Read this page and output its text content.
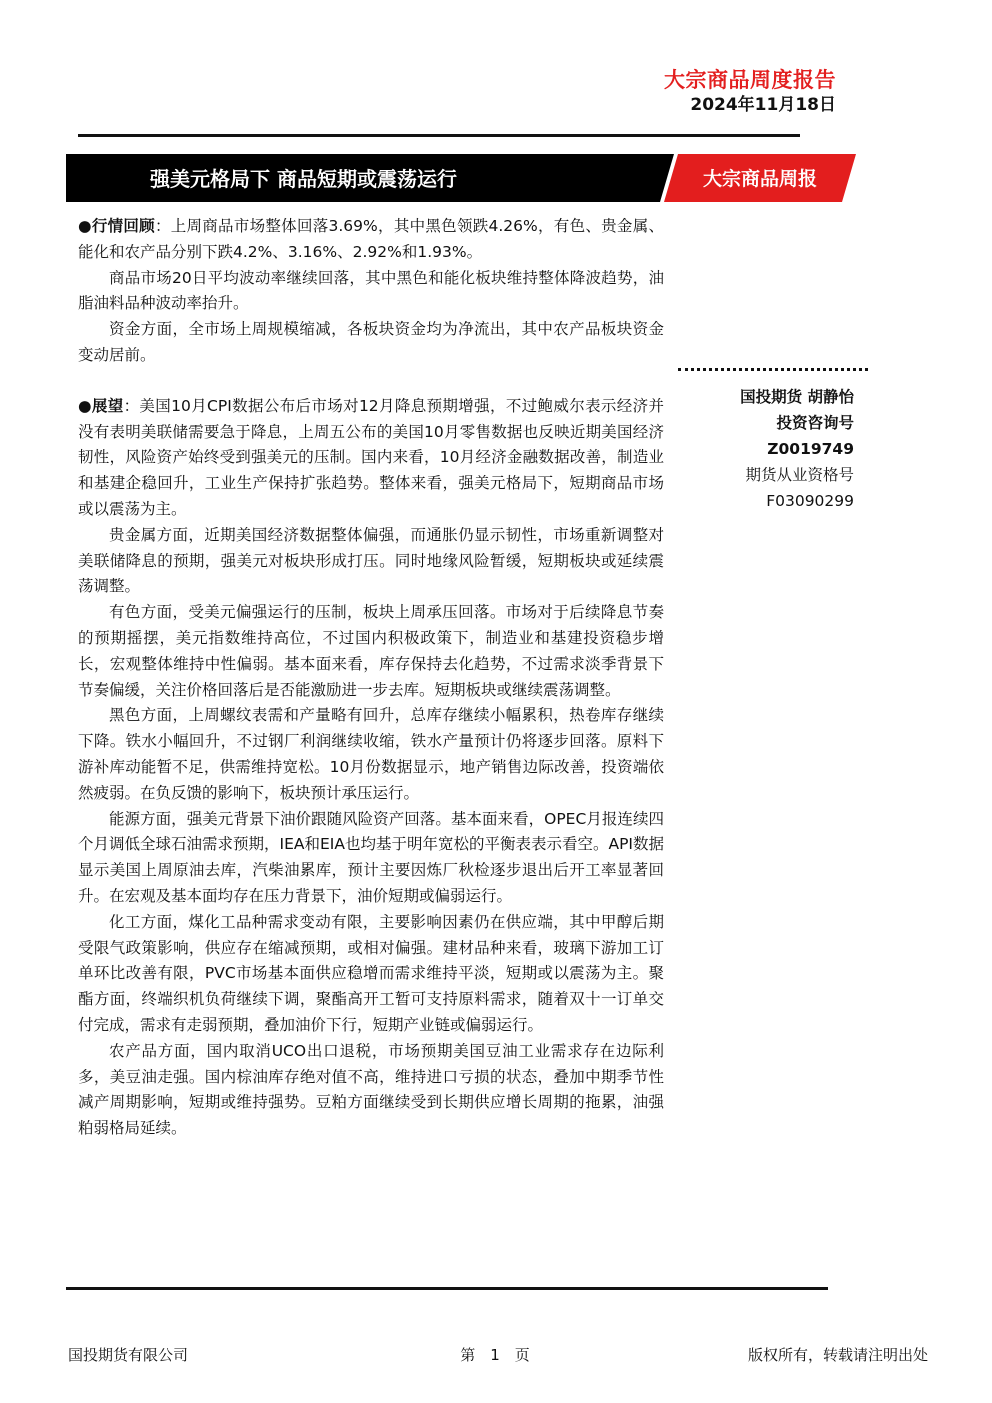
大宗商品周度报告
2024年11月18日
强美元格局下 商品短期或震荡运行	大宗商品周报

●行情回顾：上周商品市场整体回落3.69%，其中黑色领跌4.26%，有色、贵金属、能化和农产品分别下跌4.2%、3.16%、2.92%和1.93%。

商品市场20日平均波动率继续回落，其中黑色和能化板块维持整体降波趋势，油脂油料品种波动率抬升。

资金方面，全市场上周规模缩减，各板块资金均为净流出，其中农产品板块资金变动居前。

●展望：美国10月CPI数据公布后市场对12月降息预期增强，不过鲍威尔表示经济并没有表明美联储需要急于降息，上周五公布的美国10月零售数据也反映近期美国经济韧性，风险资产始终受到强美元的压制。国内来看，10月经济金融数据改善，制造业和基建企稳回升，工业生产保持扩张趋势。整体来看，强美元格局下，短期商品市场或以震荡为主。

贵金属方面，近期美国经济数据整体偏强，而通胀仍显示韧性，市场重新调整对美联储降息的预期，强美元对板块形成打压。同时地缘风险暂缓，短期板块或延续震荡调整。

有色方面，受美元偏强运行的压制，板块上周承压回落。市场对于后续降息节奏的预期摇摆，美元指数维持高位，不过国内积极政策下，制造业和基建投资稳步增长，宏观整体维持中性偏弱。基本面来看，库存保持去化趋势，不过需求淡季背景下节奏偏缓，关注价格回落后是否能激励进一步去库。短期板块或继续震荡调整。

黑色方面，上周螺纹表需和产量略有回升，总库存继续小幅累积，热卷库存继续下降。铁水小幅回升，不过钢厂利润继续收缩，铁水产量预计仍将逐步回落。原料下游补库动能暂不足，供需维持宽松。10月份数据显示，地产销售边际改善，投资端依然疲弱。在负反馈的影响下，板块预计承压运行。

能源方面，强美元背景下油价跟随风险资产回落。基本面来看，OPEC月报连续四个月调低全球石油需求预期，IEA和EIA也均基于明年宽松的平衡表表示看空。API数据显示美国上周原油去库，汽柴油累库，预计主要因炼厂秋检逐步退出后开工率显著回升。在宏观及基本面均存在压力背景下，油价短期或偏弱运行。

化工方面，煤化工品种需求变动有限，主要影响因素仍在供应端，其中甲醇后期受限气政策影响，供应存在缩减预期，或相对偏强。建材品种来看，玻璃下游加工订单环比改善有限，PVC市场基本面供应稳增而需求维持平淡，短期或以震荡为主。聚酯方面，终端织机负荷继续下调，聚酯高开工暂可支持原料需求，随着双十一订单交付完成，需求有走弱预期，叠加油价下行，短期产业链或偏弱运行。

农产品方面，国内取消UCO出口退税，市场预期美国豆油工业需求存在边际利多，美豆油走强。国内棕油库存绝对值不高，维持进口亏损的状态，叠加中期季节性减产周期影响，短期或维持强势。豆粕方面继续受到长期供应增长周期的拖累，油强粕弱格局延续。

国投期货 胡静怡
投资咨询号
Z0019749
期货从业资格号
F03090299
国投期货有限公司	第　1　页	版权所有，转载请注明出处
